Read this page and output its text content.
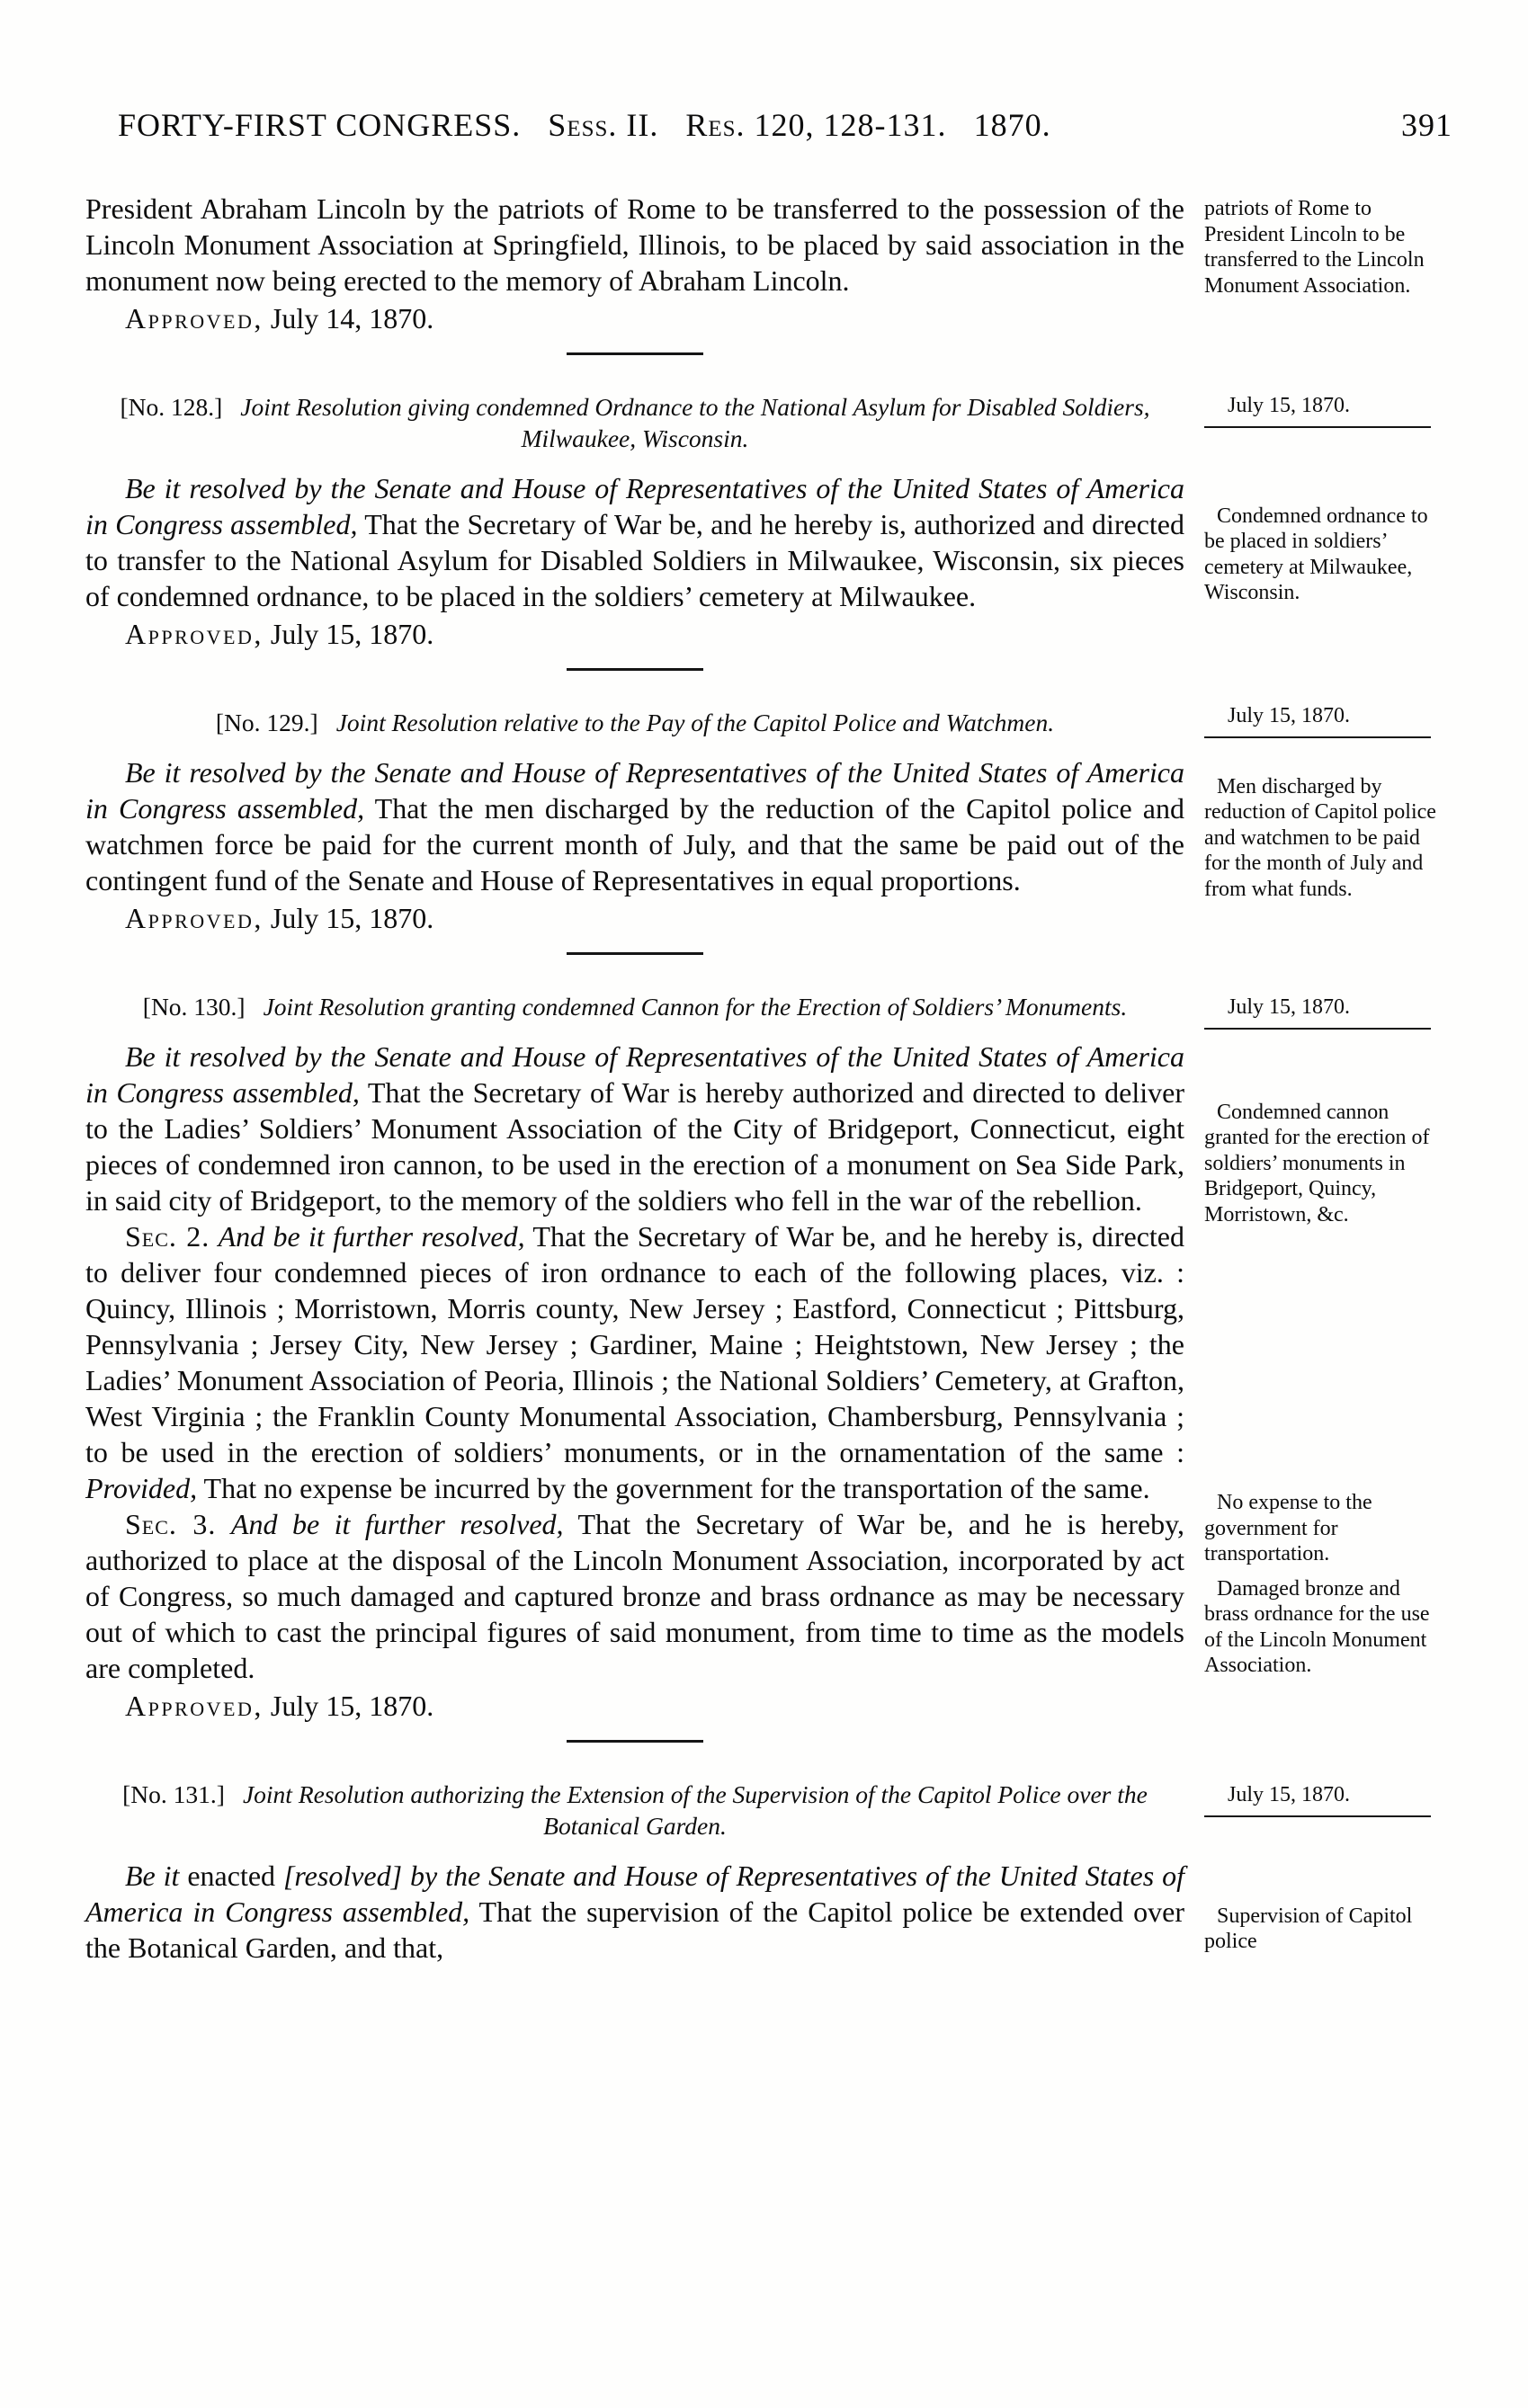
FORTY-FIRST CONGRESS. Sess. II. Res. 120, 128-131. 1870.	391

President Abraham Lincoln by the patriots of Rome to be transferred to the possession of the Lincoln Monument Association at Springfield, Illinois, to be placed by said association in the monument now being erected to the memory of Abraham Lincoln.

Approved, July 14, 1870.

patriots of Rome to President Lincoln to be transferred to the Lincoln Monument Association.

[No. 128.] Joint Resolution giving condemned Ordnance to the National Asylum for Disabled Soldiers, Milwaukee, Wisconsin.

Be it resolved by the Senate and House of Representatives of the United States of America in Congress assembled, That the Secretary of War be, and he hereby is, authorized and directed to transfer to the National Asylum for Disabled Soldiers in Milwaukee, Wisconsin, six pieces of condemned ordnance, to be placed in the soldiers’ cemetery at Milwaukee.

Approved, July 15, 1870.

July 15, 1870.

Condemned ordnance to be placed in soldiers’ cemetery at Milwaukee, Wisconsin.

[No. 129.] Joint Resolution relative to the Pay of the Capitol Police and Watchmen.

Be it resolved by the Senate and House of Representatives of the United States of America in Congress assembled, That the men discharged by the reduction of the Capitol police and watchmen force be paid for the current month of July, and that the same be paid out of the contingent fund of the Senate and House of Representatives in equal proportions.

Approved, July 15, 1870.

July 15, 1870.

Men discharged by reduction of Capitol police and watchmen to be paid for the month of July and from what funds.

[No. 130.] Joint Resolution granting condemned Cannon for the Erection of Soldiers’ Monuments.

Be it resolved by the Senate and House of Representatives of the United States of America in Congress assembled, That the Secretary of War is hereby authorized and directed to deliver to the Ladies’ Soldiers’ Monument Association of the City of Bridgeport, Connecticut, eight pieces of condemned iron cannon, to be used in the erection of a monument on Sea Side Park, in said city of Bridgeport, to the memory of the soldiers who fell in the war of the rebellion.

Sec. 2. And be it further resolved, That the Secretary of War be, and he hereby is, directed to deliver four condemned pieces of iron ordnance to each of the following places, viz. : Quincy, Illinois ; Morristown, Morris county, New Jersey ; Eastford, Connecticut ; Pittsburg, Pennsylvania ; Jersey City, New Jersey ; Gardiner, Maine ; Heightstown, New Jersey ; the Ladies’ Monument Association of Peoria, Illinois ; the National Soldiers’ Cemetery, at Grafton, West Virginia ; the Franklin County Monumental Association, Chambersburg, Pennsylvania ; to be used in the erection of soldiers’ monuments, or in the ornamentation of the same : Provided, That no expense be incurred by the government for the transportation of the same.

Sec. 3. And be it further resolved, That the Secretary of War be, and he is hereby, authorized to place at the disposal of the Lincoln Monument Association, incorporated by act of Congress, so much damaged and captured bronze and brass ordnance as may be necessary out of which to cast the principal figures of said monument, from time to time as the models are completed.

Approved, July 15, 1870.

July 15, 1870.

Condemned cannon granted for the erection of soldiers’ monuments in Bridgeport, Quincy, Morristown, &c.

No expense to the government for transportation.

Damaged bronze and brass ordnance for the use of the Lincoln Monument Association.

[No. 131.] Joint Resolution authorizing the Extension of the Supervision of the Capitol Police over the Botanical Garden.

Be it enacted [resolved] by the Senate and House of Representatives of the United States of America in Congress assembled, That the supervision of the Capitol police be extended over the Botanical Garden, and that,

July 15, 1870.

Supervision of Capitol police
